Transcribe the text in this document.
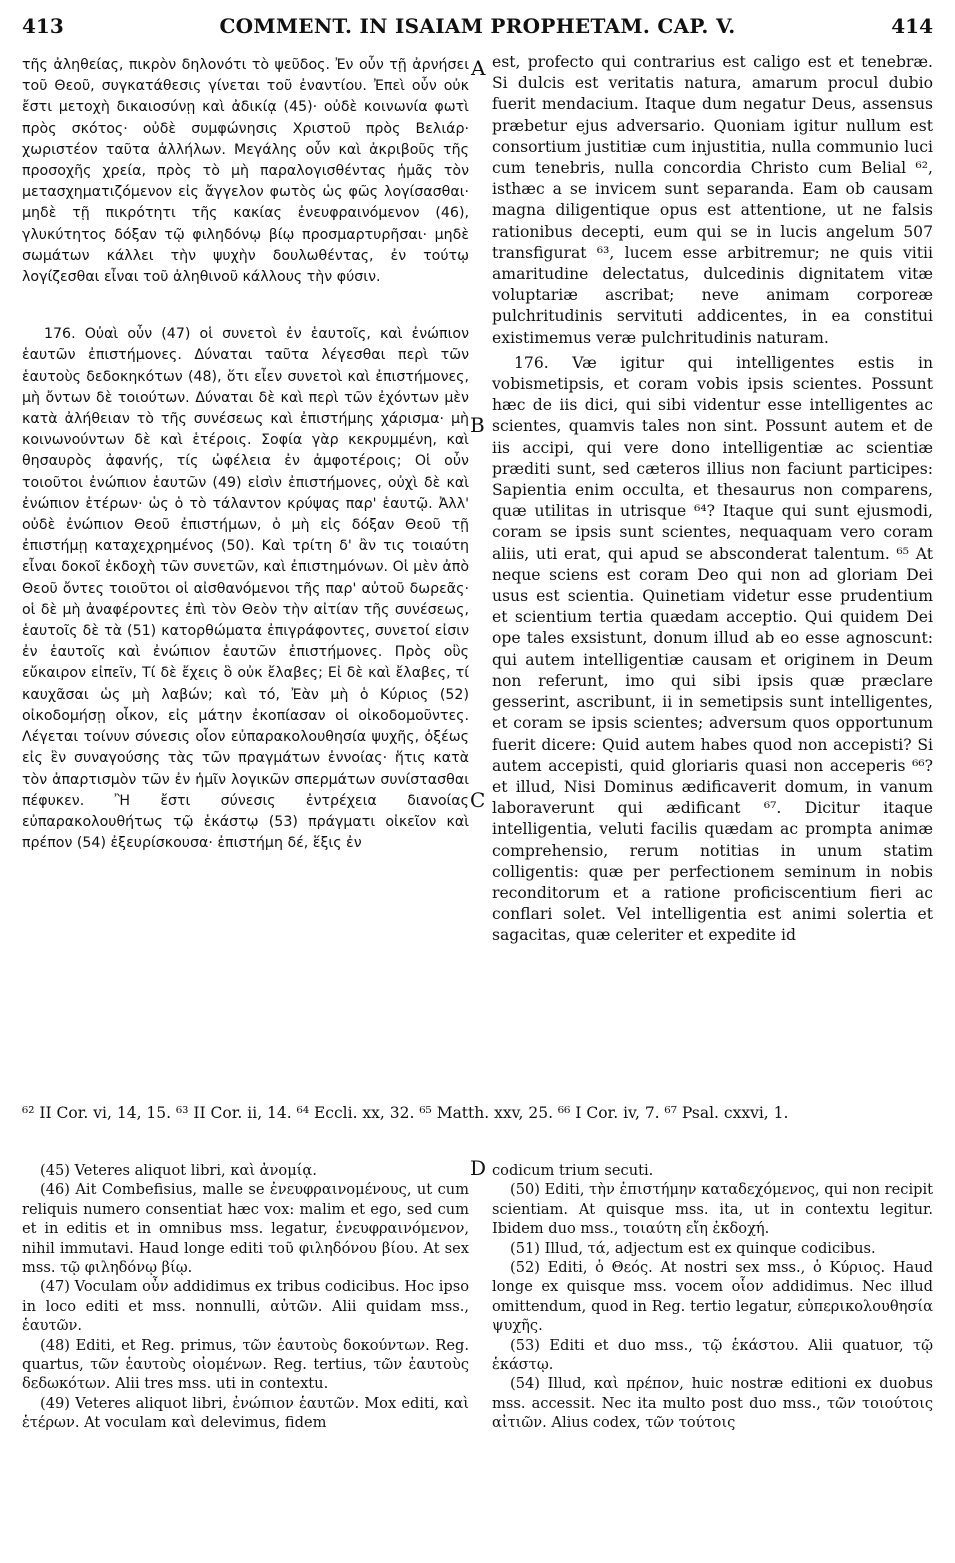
413	COMMENT. IN ISAIAM PROPHETAM. CAP. V.	414
A
B
C
D

τῆς ἀληθείας, πικρὸν δηλονότι τὸ ψεῦδος. Ἐν οὖν τῇ ἀρνήσει τοῦ Θεοῦ, συγκατάθεσις γίνεται τοῦ ἐναντίου. Ἐπεὶ οὖν οὐκ ἔστι μετοχὴ δικαιοσύνῃ καὶ ἀδικίᾳ (45)· οὐδὲ κοινωνία φωτὶ πρὸς σκότος· οὐδὲ συμφώνησις Χριστοῦ πρὸς Βελιάρ· χωριστέον ταῦτα ἀλλήλων. Μεγάλης οὖν καὶ ἀκριβοῦς τῆς προσοχῆς χρεία, πρὸς τὸ μὴ παραλογισθέντας ἡμᾶς τὸν μετασχηματιζόμενον εἰς ἄγγελον φωτὸς ὡς φῶς λογίσασθαι· μηδὲ τῇ πικρότητι τῆς κακίας ἐνευφραινόμενον (46), γλυκύτητος δόξαν τῷ φιληδόνῳ βίῳ προσμαρτυρῆσαι· μηδὲ σωμάτων κάλλει τὴν ψυχὴν δουλωθέντας, ἐν τούτῳ λογίζεσθαι εἶναι τοῦ ἀληθινοῦ κάλλους τὴν φύσιν.

176. Οὐαὶ οὖν (47) οἱ συνετοὶ ἐν ἑαυτοῖς, καὶ ἐνώπιον ἑαυτῶν ἐπιστήμονες. Δύναται ταῦτα λέγεσθαι περὶ τῶν ἑαυτοὺς δεδοκηκότων (48), ὅτι εἶεν συνετοὶ καὶ ἐπιστήμονες, μὴ ὄντων δὲ τοιούτων. Δύναται δὲ καὶ περὶ τῶν ἐχόντων μὲν κατὰ ἀλήθειαν τὸ τῆς συνέσεως καὶ ἐπιστήμης χάρισμα· μὴ κοινωνούντων δὲ καὶ ἑτέροις. Σοφία γὰρ κεκρυμμένη, καὶ θησαυρὸς ἀφανής, τίς ὠφέλεια ἐν ἀμφοτέροις; Οἱ οὖν τοιοῦτοι ἐνώπιον ἑαυτῶν (49) εἰσὶν ἐπιστήμονες, οὐχὶ δὲ καὶ ἐνώπιον ἑτέρων· ὡς ὁ τὸ τάλαντον κρύψας παρ' ἑαυτῷ. Ἀλλ' οὐδὲ ἐνώπιον Θεοῦ ἐπιστήμων, ὁ μὴ εἰς δόξαν Θεοῦ τῇ ἐπιστήμῃ καταχεχρημένος (50). Καὶ τρίτη δ' ἂν τις τοιαύτη εἶναι δοκοῖ ἐκδοχὴ τῶν συνετῶν, καὶ ἐπιστημόνων. Οἱ μὲν ἀπὸ Θεοῦ ὄντες τοιοῦτοι οἱ αἰσθανόμενοι τῆς παρ' αὐτοῦ δωρεᾶς· οἱ δὲ μὴ ἀναφέροντες ἐπὶ τὸν Θεὸν τὴν αἰτίαν τῆς συνέσεως, ἑαυτοῖς δὲ τὰ (51) κατορθώματα ἐπιγράφοντες, συνετοί εἰσιν ἐν ἑαυτοῖς καὶ ἐνώπιον ἑαυτῶν ἐπιστήμονες. Πρὸς οὓς εὔκαιρον εἰπεῖν, Τί δὲ ἔχεις ὃ οὐκ ἔλαβες; Εἰ δὲ καὶ ἔλαβες, τί καυχᾶσαι ὡς μὴ λαβών; καὶ τό, Ἐὰν μὴ ὁ Κύριος (52) οἰκοδομήσῃ οἶκον, εἰς μάτην ἐκοπίασαν οἱ οἰκοδομοῦντες. Λέγεται τοίνυν σύνεσις οἷον εὐπαρακολουθησία ψυχῆς, ὀξέως εἰς ἓν συναγούσης τὰς τῶν πραγμάτων ἐννοίας· ἥτις κατὰ τὸν ἀπαρτισμὸν τῶν ἐν ἡμῖν λογικῶν σπερμάτων συνίστασθαι πέφυκεν. Ἢ ἔστι σύνεσις ἐντρέχεια διανοίας εὐπαρακολουθήτως τῷ ἑκάστῳ (53) πράγματι οἰκεῖον καὶ πρέπον (54) ἐξευρίσκουσα· ἐπιστήμη δέ, ἕξις ἐν

est, profecto qui contrarius est caligo est et tenebræ. Si dulcis est veritatis natura, amarum procul dubio fuerit mendacium. Itaque dum negatur Deus, assensus præbetur ejus adversario. Quoniam igitur nullum est consortium justitiæ cum injustitia, nulla communio luci cum tenebris, nulla concordia Christo cum Belial ⁶², isthæc a se invicem sunt separanda. Eam ob causam magna diligentique opus est attentione, ut ne falsis rationibus decepti, eum qui se in lucis angelum 507 transfigurat ⁶³, lucem esse arbitremur; ne quis vitii amaritudine delectatus, dulcedinis dignitatem vitæ voluptariæ ascribat; neve animam corporeæ pulchritudinis servituti addicentes, in ea constitui existimemus veræ pulchritudinis naturam.

176. Væ igitur qui intelligentes estis in vobismetipsis, et coram vobis ipsis scientes. Possunt hæc de iis dici, qui sibi videntur esse intelligentes ac scientes, quamvis tales non sint. Possunt autem et de iis accipi, qui vere dono intelligentiæ ac scientiæ præditi sunt, sed cæteros illius non faciunt participes: Sapientia enim occulta, et thesaurus non comparens, quæ utilitas in utrisque ⁶⁴? Itaque qui sunt ejusmodi, coram se ipsis sunt scientes, nequaquam vero coram aliis, uti erat, qui apud se absconderat talentum. ⁶⁵ At neque sciens est coram Deo qui non ad gloriam Dei usus est scientia. Quinetiam videtur esse prudentium et scientium tertia quædam acceptio. Qui quidem Dei ope tales exsistunt, donum illud ab eo esse agnoscunt: qui autem intelligentiæ causam et originem in Deum non referunt, imo qui sibi ipsis quæ præclare gesserint, ascribunt, ii in semetipsis sunt intelligentes, et coram se ipsis scientes; adversum quos opportunum fuerit dicere: Quid autem habes quod non accepisti? Si autem accepisti, quid gloriaris quasi non acceperis ⁶⁶? et illud, Nisi Dominus ædificaverit domum, in vanum laboraverunt qui ædificant ⁶⁷. Dicitur itaque intelligentia, veluti facilis quædam ac prompta animæ comprehensio, rerum notitias in unum statim colligentis: quæ per perfectionem seminum in nobis reconditorum et a ratione proficiscentium fieri ac conflari solet. Vel intelligentia est animi solertia et sagacitas, quæ celeriter et expedite id

⁶² II Cor. vi, 14, 15. ⁶³ II Cor. ii, 14. ⁶⁴ Eccli. xx, 32. ⁶⁵ Matth. xxv, 25. ⁶⁶ I Cor. iv, 7. ⁶⁷ Psal. cxxvi, 1.

(45) Veteres aliquot libri, καὶ ἀνομίᾳ.

(46) Ait Combefisius, malle se ἐνευφραινομένους, ut cum reliquis numero consentiat hæc vox: malim et ego, sed cum et in editis et in omnibus mss. legatur, ἐνευφραινόμενον, nihil immutavi. Haud longe editi τοῦ φιληδόνου βίου. At sex mss. τῷ φιληδόνῳ βίῳ.

(47) Voculam οὖν addidimus ex tribus codicibus. Hoc ipso in loco editi et mss. nonnulli, αὐτῶν. Alii quidam mss., ἑαυτῶν.

(48) Editi, et Reg. primus, τῶν ἑαυτοὺς δοκούντων. Reg. quartus, τῶν ἑαυτοὺς οἰομένων. Reg. tertius, τῶν ἑαυτοὺς δεδωκότων. Alii tres mss. uti in contextu.

(49) Veteres aliquot libri, ἐνώπιον ἑαυτῶν. Mox editi, καὶ ἑτέρων. At voculam καὶ delevimus, fidem

codicum trium secuti.

(50) Editi, τὴν ἐπιστήμην καταδεχόμενος, qui non recipit scientiam. At quisque mss. ita, ut in contextu legitur. Ibidem duo mss., τοιαύτη εἴη ἐκδοχή.

(51) Illud, τά, adjectum est ex quinque codicibus.

(52) Editi, ὁ Θεός. At nostri sex mss., ὁ Κύριος. Haud longe ex quisque mss. vocem οἷον addidimus. Nec illud omittendum, quod in Reg. tertio legatur, εὐπερικολουθησία ψυχῆς.

(53) Editi et duo mss., τῷ ἑκάστου. Alii quatuor, τῷ ἑκάστῳ.

(54) Illud, καὶ πρέπον, huic nostræ editioni ex duobus mss. accessit. Nec ita multo post duo mss., τῶν τοιούτοις αἰτιῶν. Alius codex, τῶν τούτοις
